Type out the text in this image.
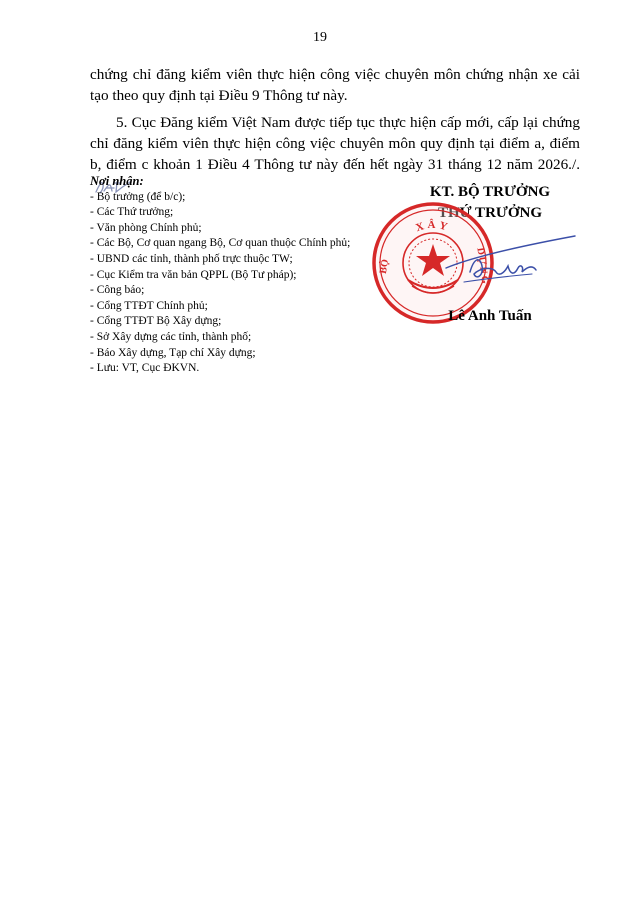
19
chứng chỉ đăng kiểm viên thực hiện công việc chuyên môn chứng nhận xe cải tạo theo quy định tại Điều 9 Thông tư này.
5. Cục Đăng kiểm Việt Nam được tiếp tục thực hiện cấp mới, cấp lại chứng chỉ đăng kiểm viên thực hiện công việc chuyên môn quy định tại điểm a, điểm b, điểm c khoản 1 Điều 4 Thông tư này đến hết ngày 31 tháng 12 năm 2026./.
Nơi nhận:
- Bộ trưởng (để b/c);
- Các Thứ trưởng;
- Văn phòng Chính phủ;
- Các Bộ, Cơ quan ngang Bộ, Cơ quan thuộc Chính phủ;
- UBND các tỉnh, thành phố trực thuộc TW;
- Cục Kiểm tra văn bản QPPL (Bộ Tư pháp);
- Công báo;
- Cổng TTĐT Chính phủ;
- Cổng TTĐT Bộ Xây dựng;
- Sở Xây dựng các tỉnh, thành phố;
- Báo Xây dựng, Tạp chí Xây dựng;
- Lưu: VT, Cục ĐKVN.
KT. BỘ TRƯỞNG
THỨ TRƯỞNG
XÂY
BỘ	DỰNG
Lê Anh Tuấn
